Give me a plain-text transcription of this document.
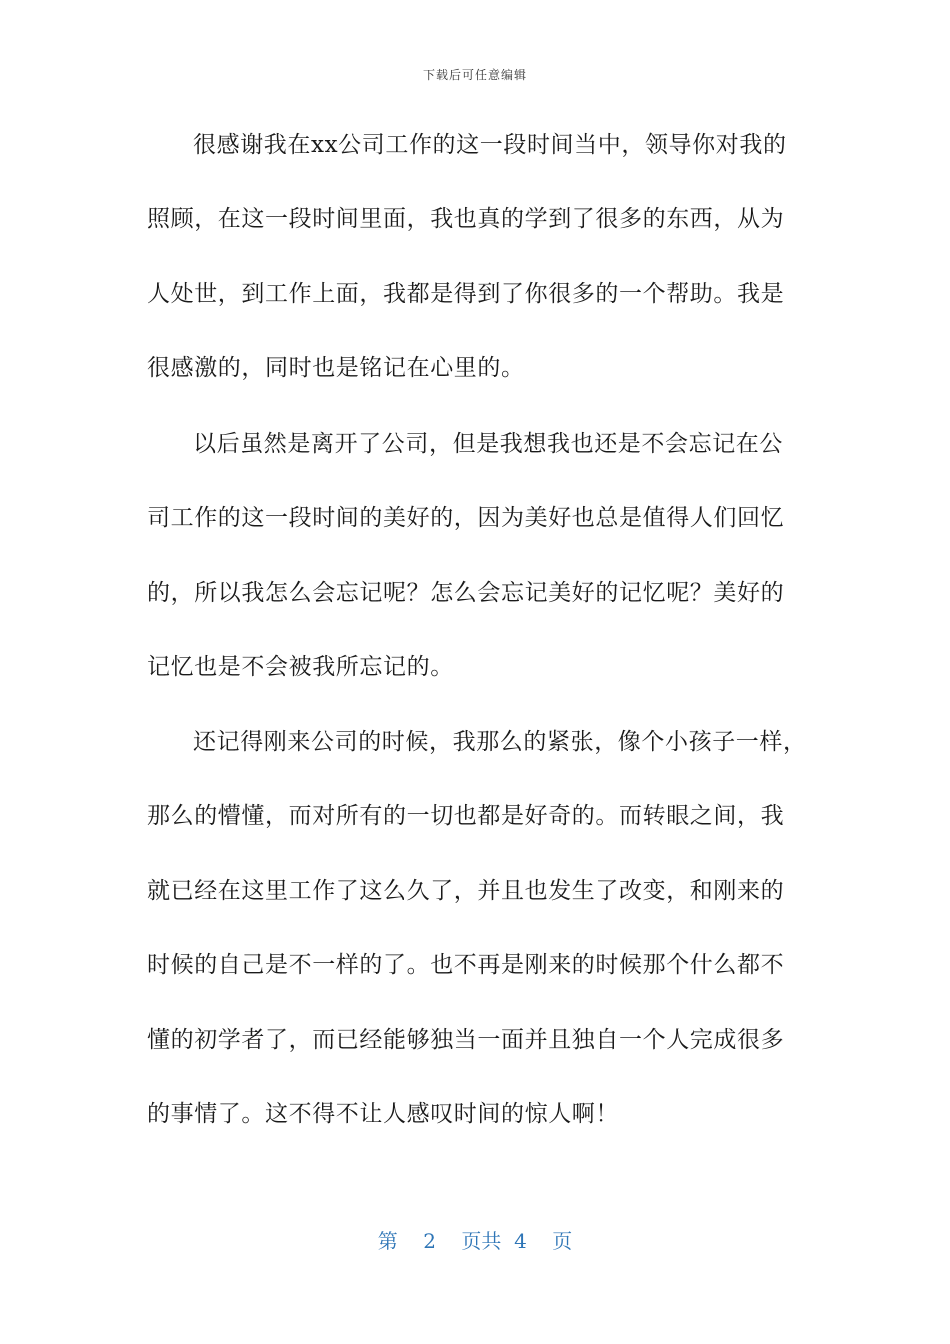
下载后可任意编辑
很感谢我在xx公司工作的这一段时间当中，领导你对我的
照顾，在这一段时间里面，我也真的学到了很多的东西，从为
人处世，到工作上面，我都是得到了你很多的一个帮助。我是
很感激的，同时也是铭记在心里的。
以后虽然是离开了公司，但是我想我也还是不会忘记在公
司工作的这一段时间的美好的，因为美好也总是值得人们回忆
的，所以我怎么会忘记呢？怎么会忘记美好的记忆呢？美好的
记忆也是不会被我所忘记的。
还记得刚来公司的时候，我那么的紧张，像个小孩子一样，
那么的懵懂，而对所有的一切也都是好奇的。而转眼之间，我
就已经在这里工作了这么久了，并且也发生了改变，和刚来的
时候的自己是不一样的了。也不再是刚来的时候那个什么都不
懂的初学者了，而已经能够独当一面并且独自一个人完成很多
的事情了。这不得不让人感叹时间的惊人啊！
第 2 页共 4 页
